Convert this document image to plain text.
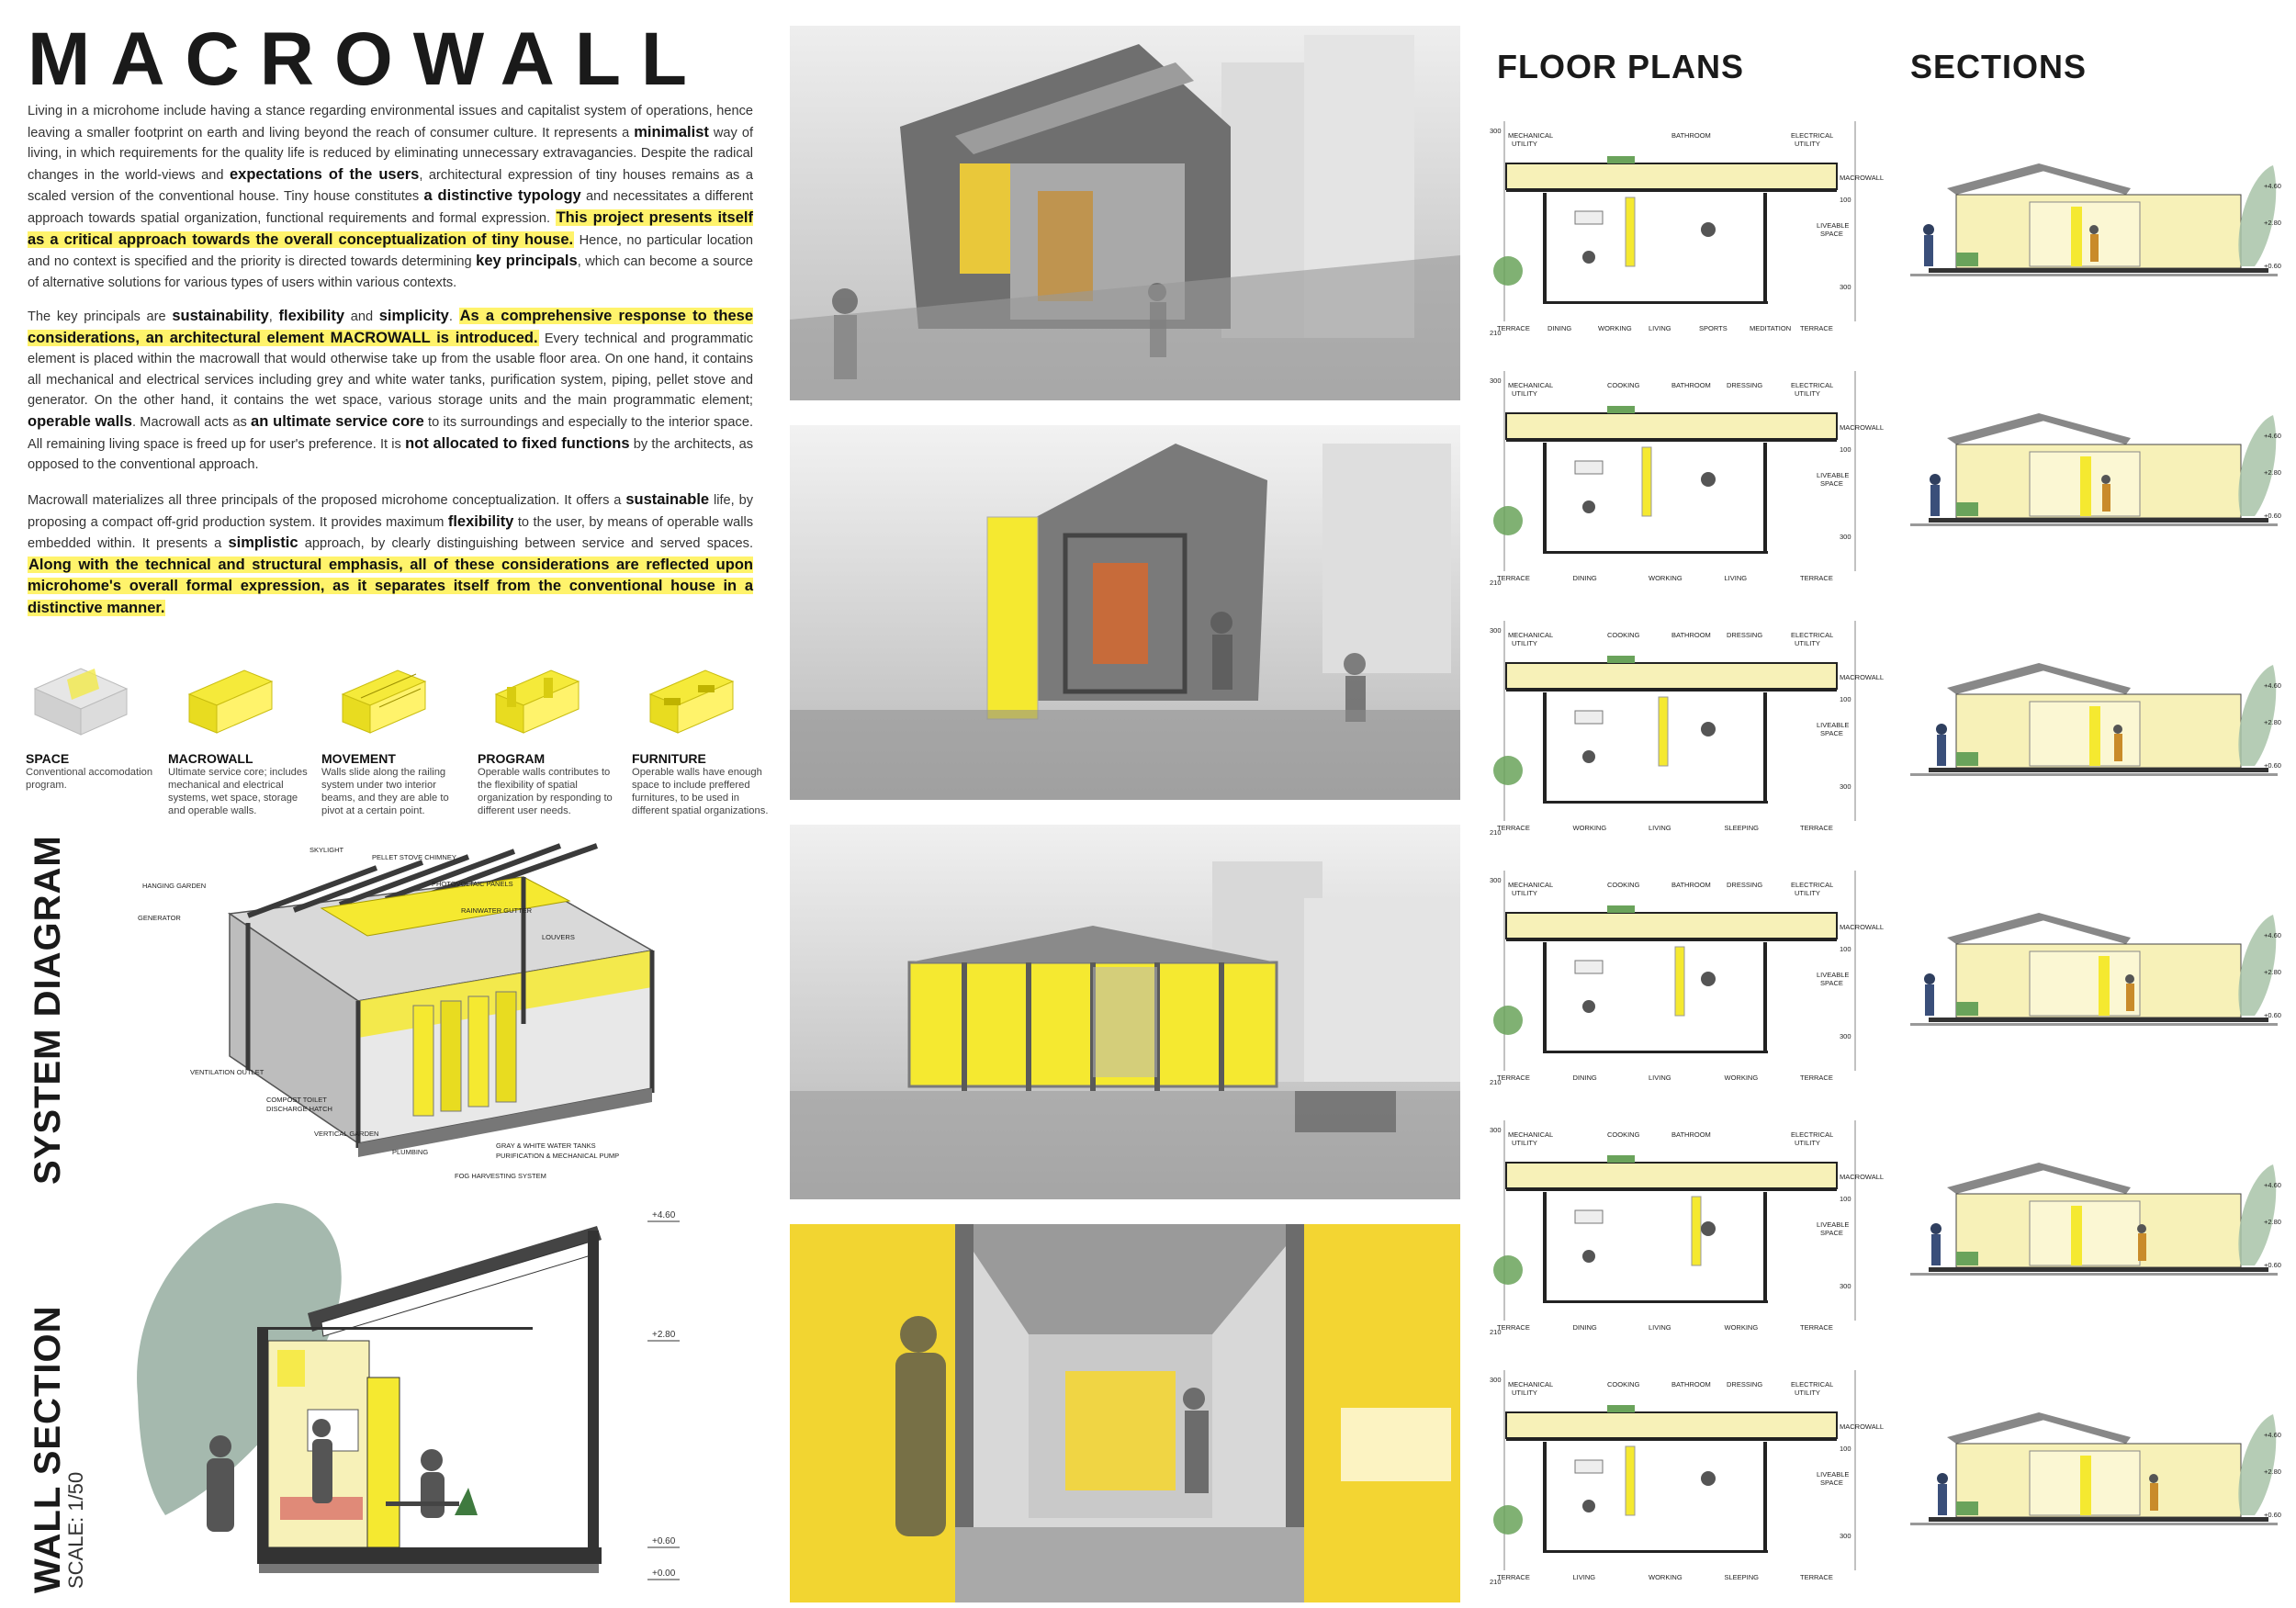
MACROWALL

Living in a microhome include having a stance regarding environmental issues and capitalist system of operations, hence leaving a smaller footprint on earth and living beyond the reach of consumer culture. It represents a minimalist way of living, in which requirements for the quality life is reduced by eliminating unnecessary extravagancies. Despite the radical changes in the world-views and expectations of the users, architectural expression of tiny houses remains as a scaled version of the conventional house. Tiny house constitutes a distinctive typology and necessitates a different approach towards spatial organization, functional requirements and formal expression. This project presents itself as a critical approach towards the overall conceptualization of tiny house. Hence, no particular location and no context is specified and the priority is directed towards determining key principals, which can become a source of alternative solutions for various types of users within various contexts.

The key principals are sustainability, flexibility and simplicity. As a comprehensive response to these considerations, an architectural element MACROWALL is introduced. Every technical and programmatic element is placed within the macrowall that would otherwise take up from the usable floor area. On one hand, it contains all mechanical and electrical services including grey and white water tanks, purification system, piping, pellet stove and generator. On the other hand, it contains the wet space, various storage units and the main programmatic element; operable walls. Macrowall acts as an ultimate service core to its surroundings and especially to the interior space. All remaining living space is freed up for user's preference. It is not allocated to fixed functions by the architects, as opposed to the conventional approach.

Macrowall materializes all three principals of the proposed microhome conceptualization. It offers a sustainable life, by proposing a compact off-grid production system. It provides maximum flexibility to the user, by means of operable walls embedded within. It presents a simplistic approach, by clearly distinguishing between service and served spaces. Along with the technical and structural emphasis, all of these considerations are reflected upon microhome's overall formal expression, as it separates itself from the conventional house in a distinctive manner.

SPACE
Conventional accomodation program.
MACROWALL
Ultimate service core; includes mechanical and electrical systems, wet space, storage and operable walls.
MOVEMENT
Walls slide along the railing system under two interior beams, and they are able to pivot at a certain point.
PROGRAM
Operable walls contributes to the flexibility of spatial organization by responding to different user needs.
FURNITURE
Operable walls have enough space to include preffered furnitures, to be used in different spatial organizations.
SYSTEM DIAGRAM	SKYLIGHT
PELLET STOVE CHIMNEY
HANGING GARDEN	PHOTOVOLTAIC PANELS
GENERATOR
RAINWATER GUTTER
LOUVERS
VENTILATION OUTLET
COMPOST TOILET
DISCHARGE HATCH
VERTICAL GARDEN
PLUMBING
GRAY & WHITE WATER TANKS
PURIFICATION & MECHANICAL PUMP
FOG HARVESTING SYSTEM
WALL SECTION
SCALE: 1/50
+4.60
+2.80
+0.60
+0.00
FLOOR PLANS	SECTIONS
MECHANICAL
UTILITY
ELECTRICAL
UTILITY
MACROWALL
100
LIVEABLE
SPACE
300
300
210
BATHROOM
TERRACE	DINING	WORKING LIVING	SPORTS	MEDITATION TERRACE
MECHANICAL
UTILITY
ELECTRICAL
UTILITY
MACROWALL
100
LIVEABLE
SPACE
300
300
210
COOKING	BATHROOM DRESSING
TERRACE	DINING	WORKING	LIVING	TERRACE
MECHANICAL
UTILITY
ELECTRICAL
UTILITY
MACROWALL
100
LIVEABLE
SPACE
300
300
210
COOKING	BATHROOM DRESSING
TERRACE	WORKING	LIVING	SLEEPING	TERRACE
MECHANICAL
UTILITY
ELECTRICAL
UTILITY
MACROWALL
100
LIVEABLE
SPACE
300
300
210
COOKING	BATHROOM DRESSING
TERRACE	DINING	LIVING	WORKING	TERRACE
MECHANICAL
UTILITY
ELECTRICAL
UTILITY
MACROWALL
100
LIVEABLE
SPACE
300
300
210
COOKING	BATHROOM
TERRACE	DINING	LIVING	WORKING	TERRACE
MECHANICAL
UTILITY
ELECTRICAL
UTILITY
MACROWALL
100
LIVEABLE
SPACE
300
300
210
COOKING	BATHROOM DRESSING
TERRACE	LIVING	WORKING	SLEEPING	TERRACE
+4.60
+2.80
+0.60
+4.60
+2.80
+0.60
+4.60
+2.80
+0.60
+4.60
+2.80
+0.60
+4.60
+2.80
+0.60
+4.60
+2.80
+0.60
